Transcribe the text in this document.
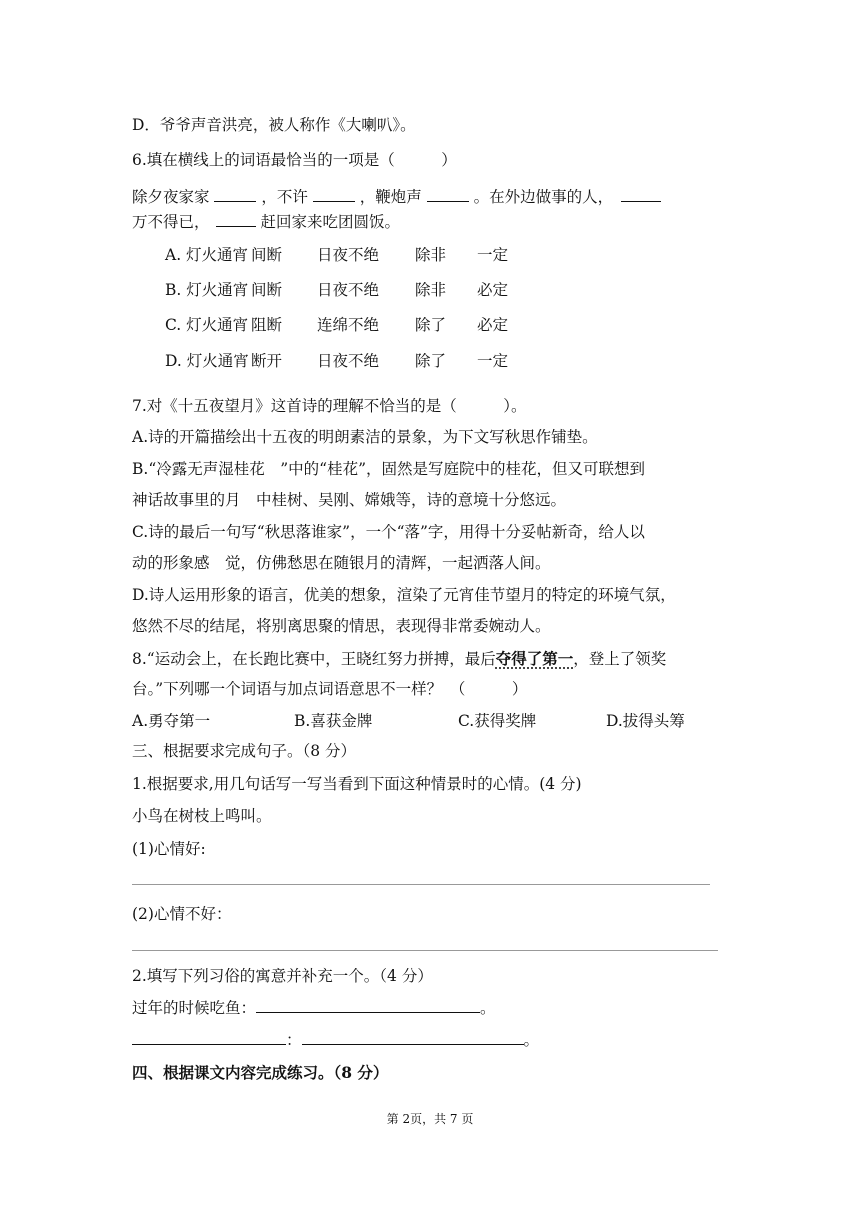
D．爷爷声音洪亮，被人称作《大喇叭》。
6.填在横线上的词语最恰当的一项是（　　　）
除夕夜家家	，不许	，鞭炮声	。在外边做事的人，
万不得已，	赶回家来吃团圆饭。
A. 灯火通宵 间断 日夜不绝 除非 一定
B. 灯火通宵 间断 日夜不绝 除非 必定
C. 灯火通宵 阻断 连绵不绝 除了 必定
D. 灯火通宵 断开 日夜不绝 除了 一定
7.对《十五夜望月》这首诗的理解不恰当的是（　　　）。
A.诗的开篇描绘出十五夜的明朗素洁的景象，为下文写秋思作铺垫。
B.“冷露无声湿桂花　”中的“桂花”，固然是写庭院中的桂花，但又可联想到
神话故事里的月　中桂树、吴刚、嫦娥等，诗的意境十分悠远。
C.诗的最后一句写“秋思落谁家”，一个“落”字，用得十分妥帖新奇，给人以
动的形象感　觉，仿佛愁思在随银月的清辉，一起洒落人间。
D.诗人运用形象的语言，优美的想象，渲染了元宵佳节望月的特定的环境气氛，
悠然不尽的结尾，将别离思聚的情思，表现得非常委婉动人。
8.“运动会上，在长跑比赛中，王晓红努力拼搏，最后夺得了第一，登上了领奖
台。”下列哪一个词语与加点词语意思不一样？　（　　　）
A.勇夺第一	B.喜获金牌	C.获得奖牌	D.拔得头筹
三、根据要求完成句子。（8 分）
1.根据要求,用几句话写一写当看到下面这种情景时的心情。(4 分)
小鸟在树枝上鸣叫。
(1)心情好:
(2)心情不好：
2.填写下列习俗的寓意并补充一个。（4 分）
过年的时候吃鱼：	。
：	。
四、根据课文内容完成练习。（8 分）
第 2页，共 7 页
